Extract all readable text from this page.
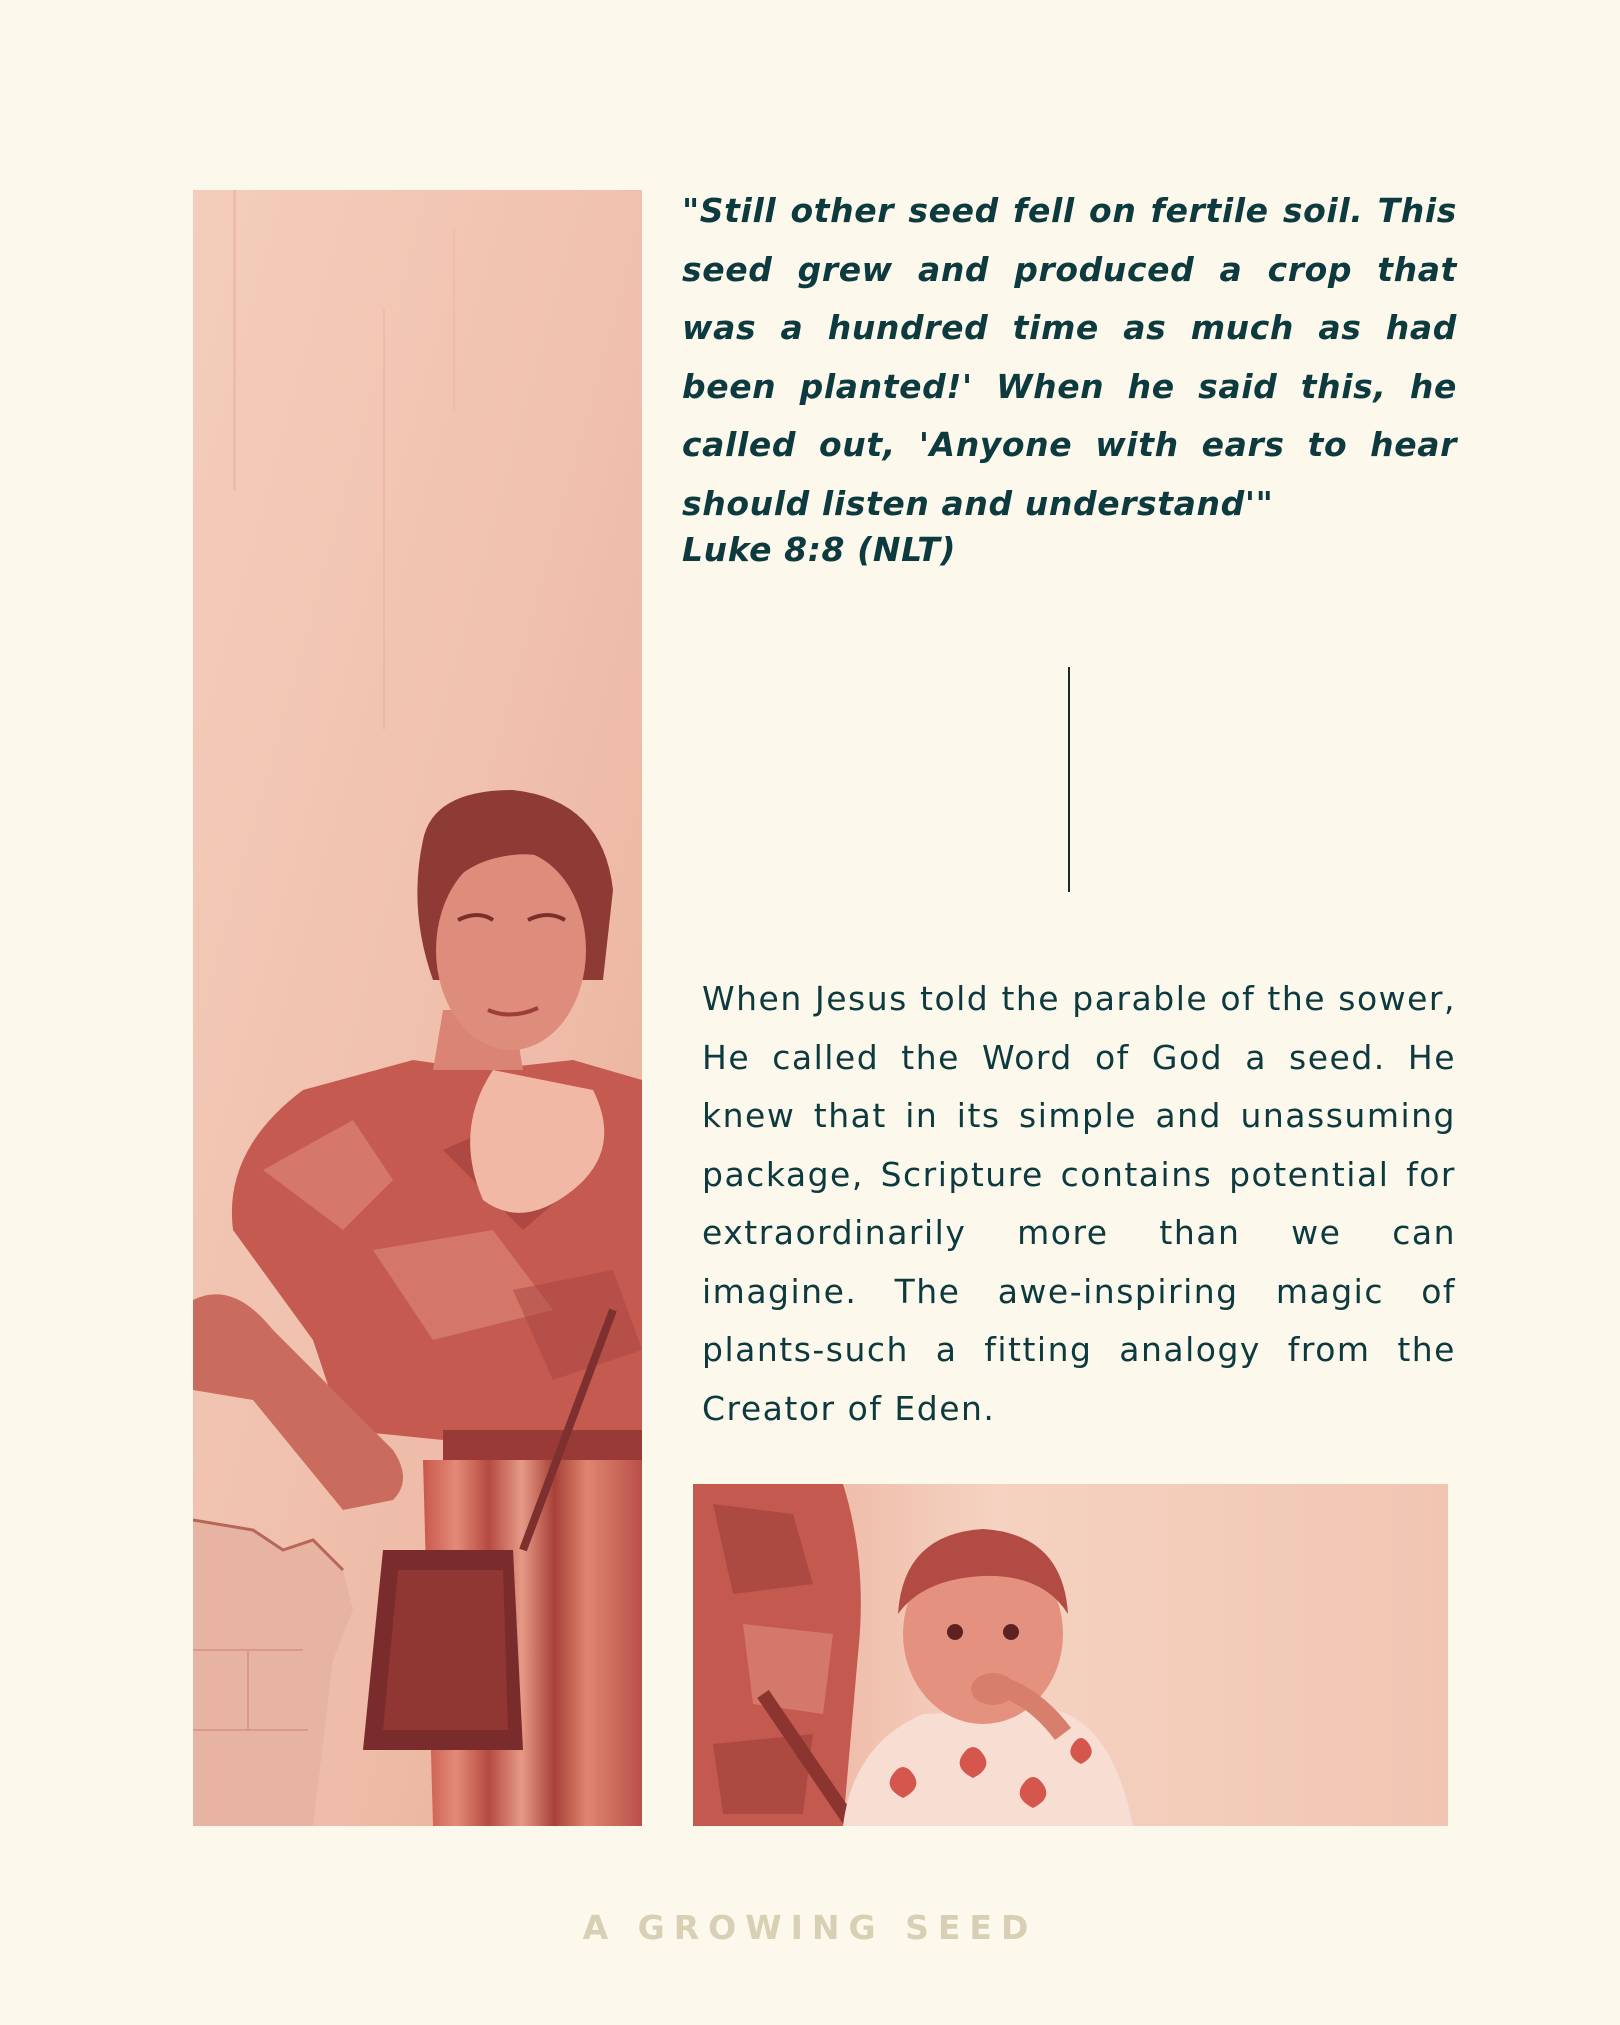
"Still other seed fell on fertile soil. This seed grew and produced a crop that was a hundred time as much as had been planted!' When he said this, he called out, 'Anyone with ears to hear should listen and understand'"
Luke 8:8 (NLT)

When Jesus told the parable of the sower, He called the Word of God a seed. He knew that in its simple and unassuming package, Scripture contains potential for extraordinarily more than we can imagine. The awe-inspiring magic of plants-such a fitting analogy from the Creator of Eden.

A GROWING SEED
